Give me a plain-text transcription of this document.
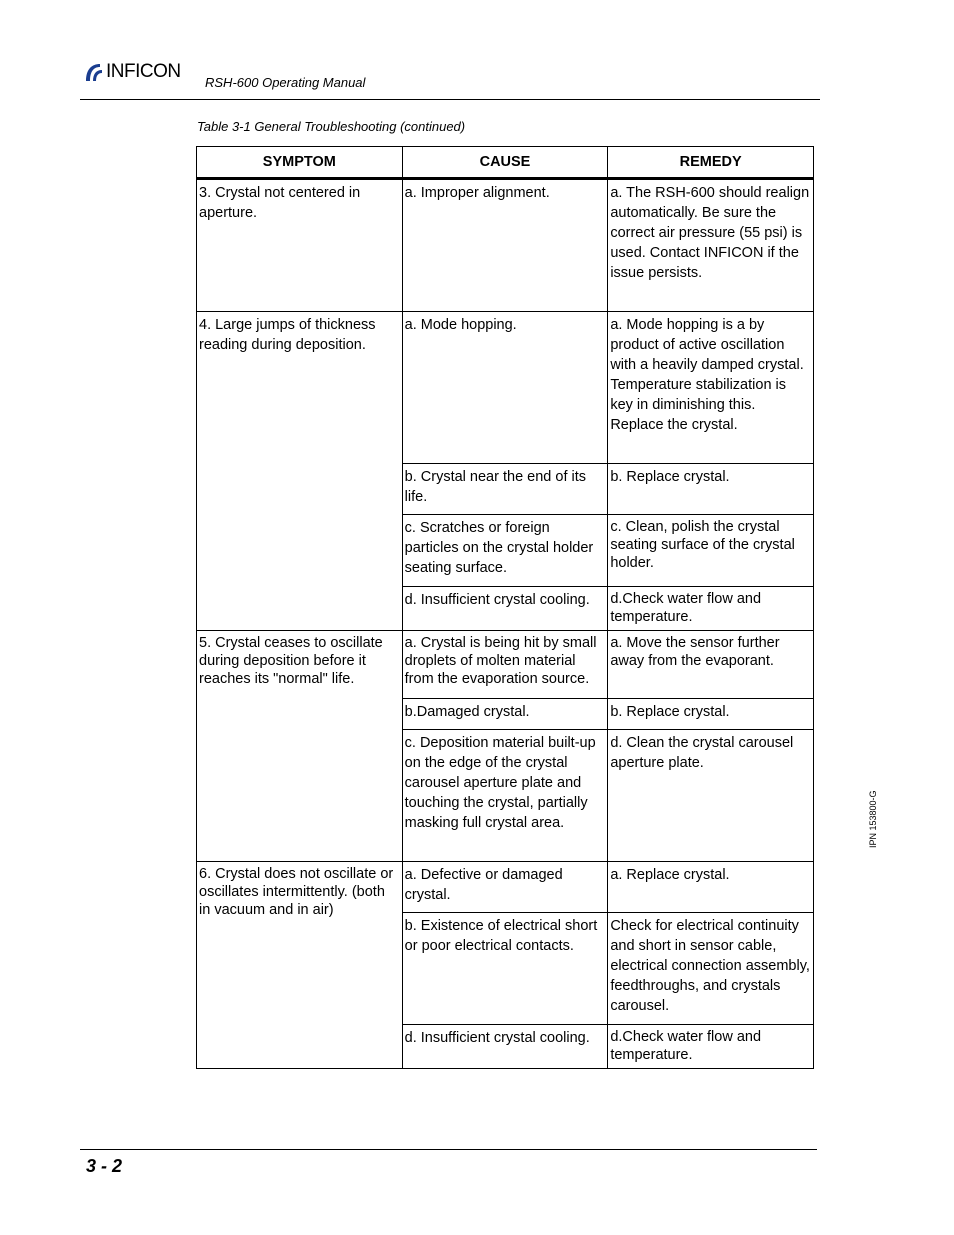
INFICON
RSH-600 Operating Manual
Table 3-1 General Troubleshooting (continued)
SYMPTOM	CAUSE	REMEDY
3. Crystal not centered in aperture.	a. Improper alignment.	a. The RSH-600 should realign automatically. Be sure the correct air pressure (55 psi) is used. Contact INFICON if the issue persists.
4. Large jumps of thickness reading during deposition.	a. Mode hopping.	a. Mode hopping is a by product of active oscillation with a heavily damped crystal. Temperature stabilization is key in diminishing this. Replace the crystal.
	b. Crystal near the end of its life.	b. Replace crystal.
	c. Scratches or foreign particles on the crystal holder seating surface.	c. Clean, polish the crystal seating surface of the crystal holder.
	d. Insufficient crystal cooling.	d.Check water flow and temperature.
5. Crystal ceases to oscillate during deposition before it reaches its "normal" life.	a. Crystal is being hit by small droplets of molten material from the evaporation source.	a. Move the sensor further away from the evaporant.
	b.Damaged crystal.	b. Replace crystal.
	c. Deposition material built-up on the edge of the crystal carousel aperture plate and touching the crystal, partially masking full crystal area.	d. Clean the crystal carousel aperture plate.
6. Crystal does not oscillate or oscillates intermittently. (both in vacuum and in air)	a. Defective or damaged crystal.	a. Replace crystal.
	b. Existence of electrical short or poor electrical contacts.	Check for electrical continuity and short in sensor cable, electrical connection assembly, feedthroughs, and crystals carousel.
	d. Insufficient crystal cooling.	d.Check water flow and temperature.
IPN 153800-G
3 - 2
